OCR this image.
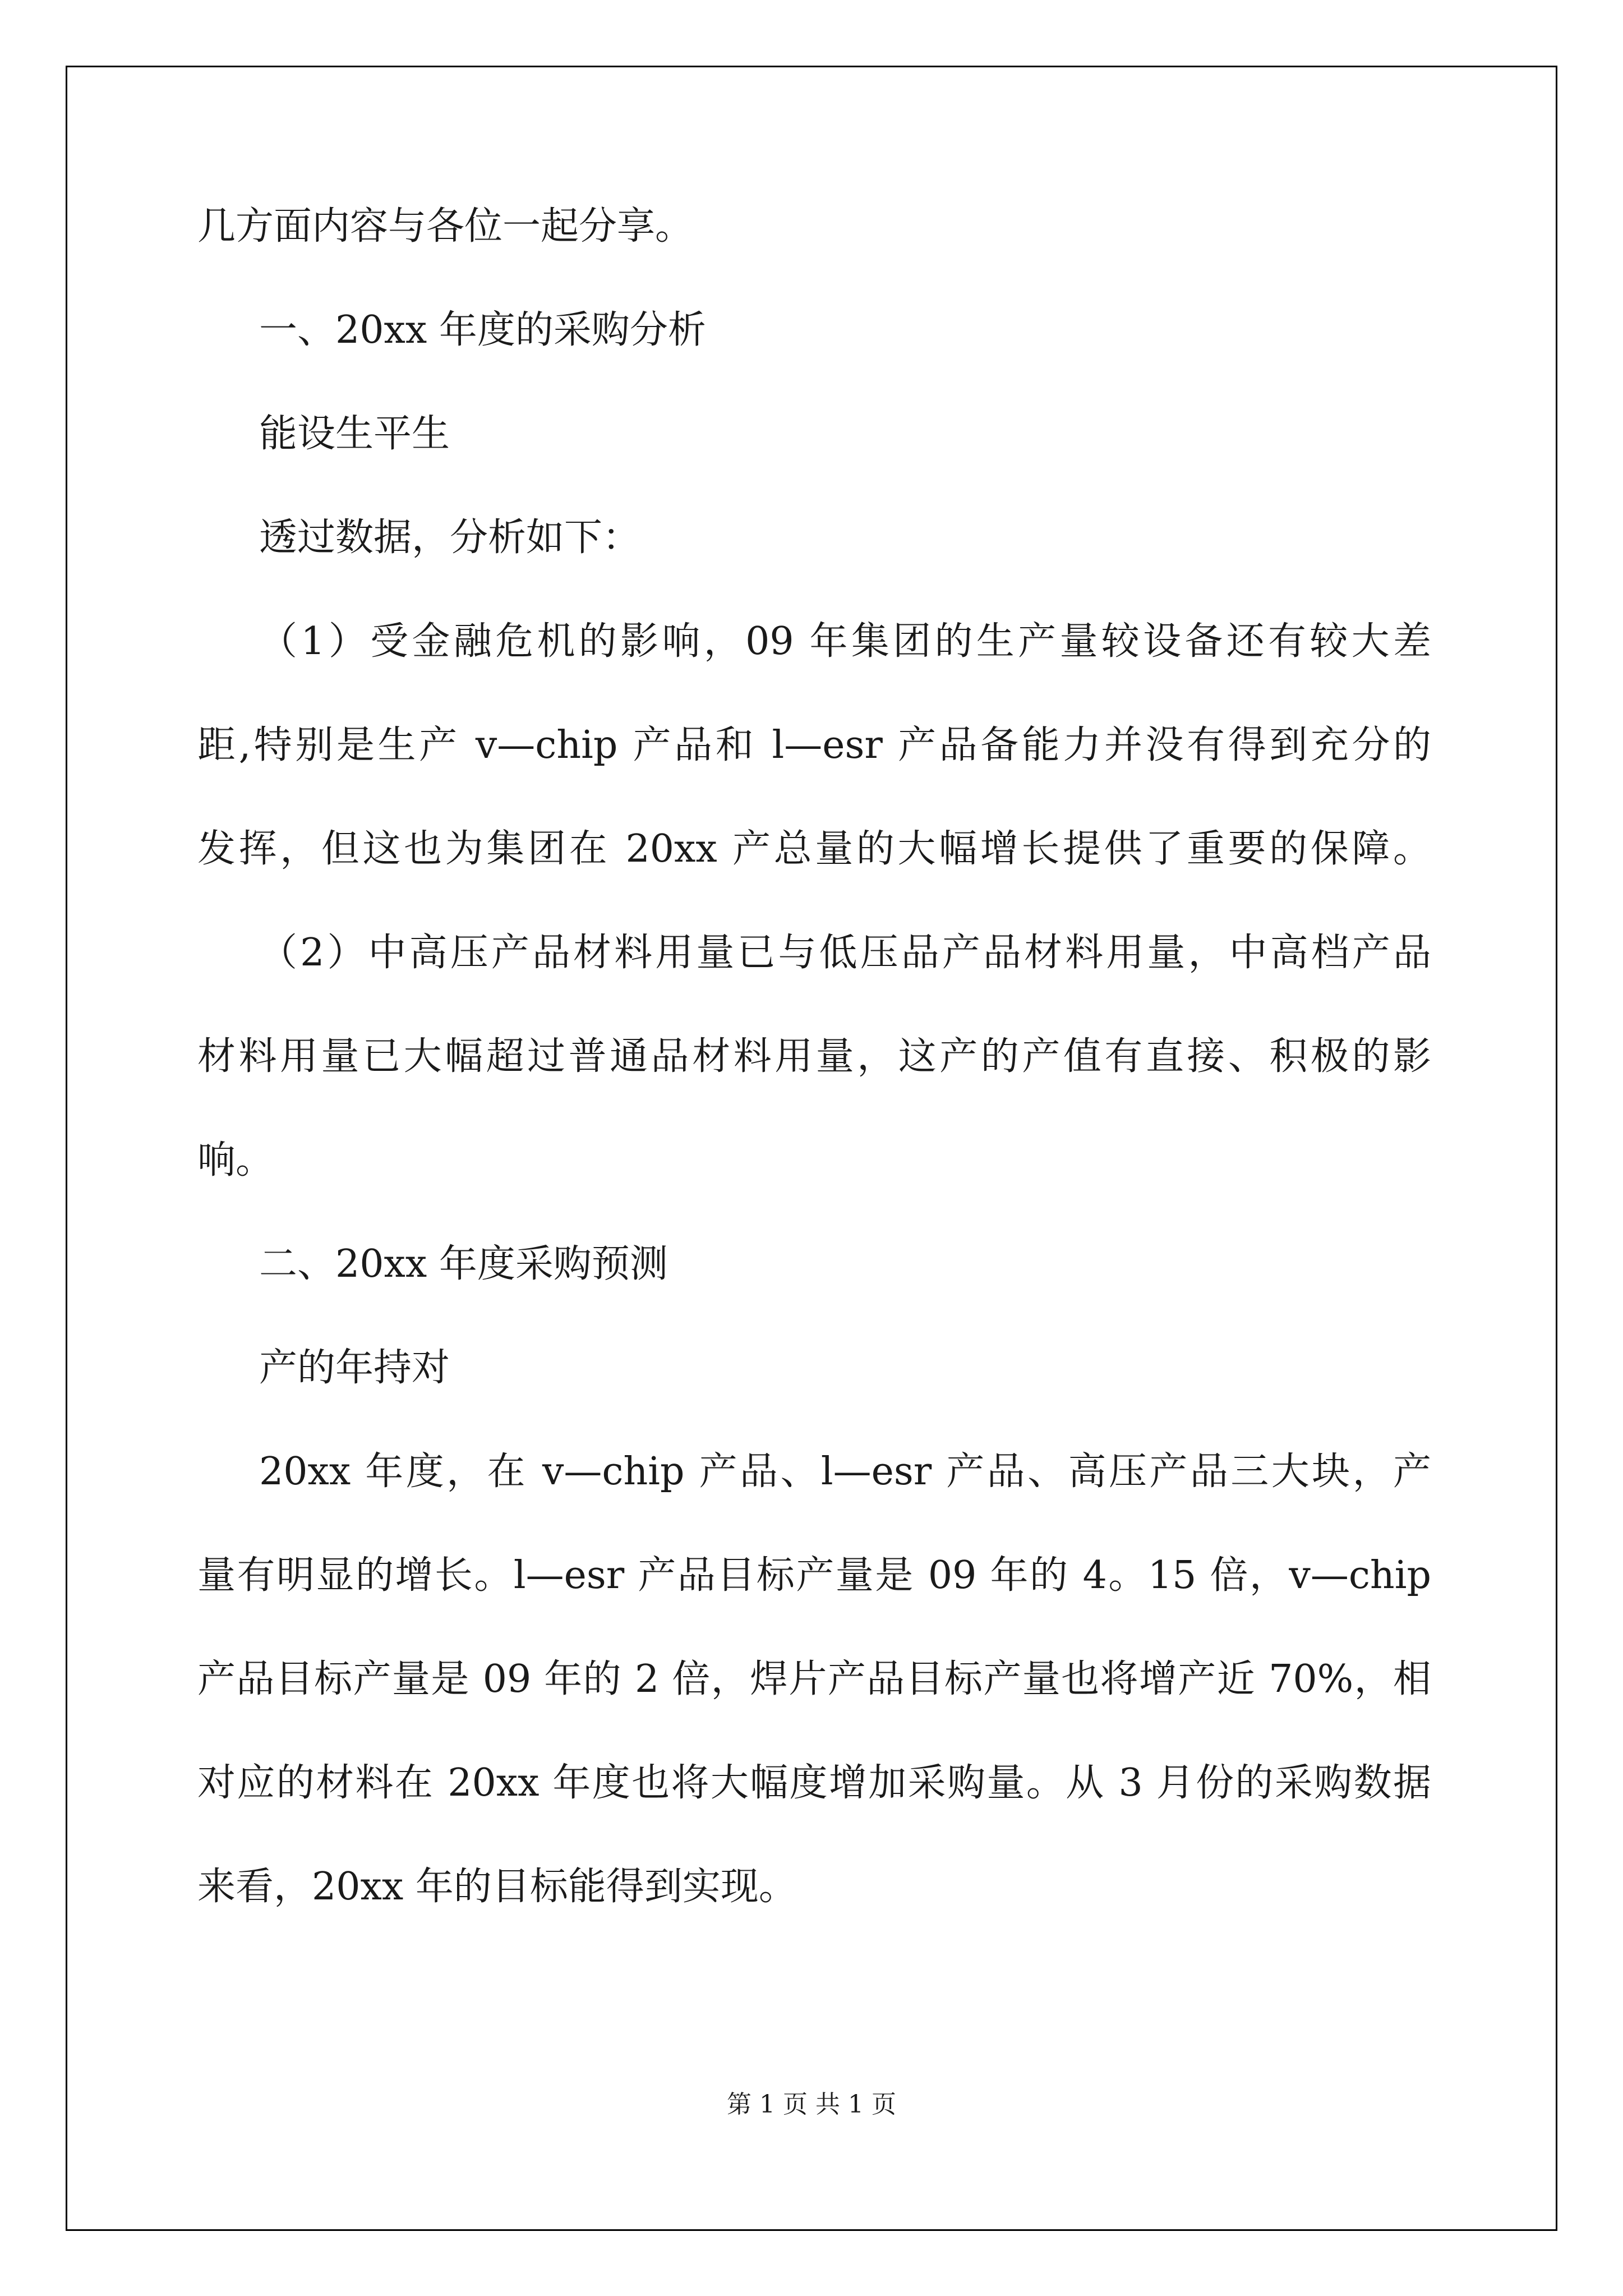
几方面内容与各位一起分享。
一、20xx 年度的采购分析
能设生平生
透过数据，分析如下：
（1）受金融危机的影响，09 年集团的生产量较设备还有较大差
距,特别是生产 v—chip 产品和 l—esr 产品备能力并没有得到充分的
发挥，但这也为集团在 20xx 产总量的大幅增长提供了重要的保障。
（2）中高压产品材料用量已与低压品产品材料用量，中高档产品
材料用量已大幅超过普通品材料用量，这产的产值有直接、积极的影
响。
二、20xx 年度采购预测
产的年持对
20xx 年度，在 v—chip 产品、l—esr 产品、高压产品三大块，产
量有明显的增长。l—esr 产品目标产量是 09 年的 4。15 倍，v—chip
产品目标产量是 09 年的 2 倍，焊片产品目标产量也将增产近 70%，相
对应的材料在 20xx 年度也将大幅度增加采购量。从 3 月份的采购数据
来看，20xx 年的目标能得到实现。
第 1 页 共 1 页
